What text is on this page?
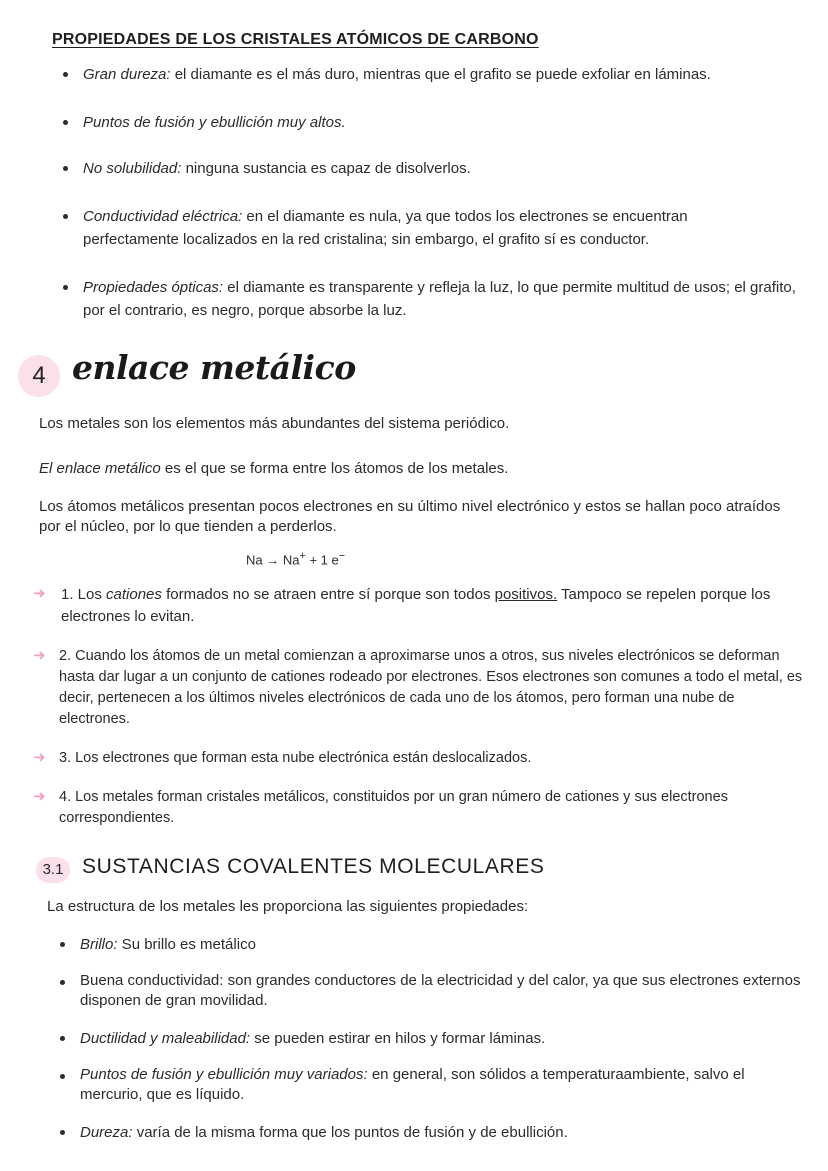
PROPIEDADES DE LOS CRISTALES ATÓMICOS DE CARBONO
Gran dureza: el diamante es el más duro, mientras que el grafito se puede exfoliar en láminas.
Puntos de fusión y ebullición muy altos.
No solubilidad: ninguna sustancia es capaz de disolverlos.
Conductividad eléctrica: en el diamante es nula, ya que todos los electrones se encuentran perfectamente localizados en la red cristalina; sin embargo, el grafito sí es conductor.
Propiedades ópticas: el diamante es transparente y refleja la luz, lo que permite multitud de usos; el grafito, por el contrario, es negro, porque absorbe la luz.
4 enlace metálico
Los metales son los elementos más abundantes del sistema periódico.
El enlace metálico es el que se forma entre los átomos de los metales.
Los átomos metálicos presentan pocos electrones en su último nivel electrónico y estos se hallan poco atraídos por el núcleo, por lo que tienden a perderlos.
Na → Na+ + 1 e−
➜ 1. Los cationes formados no se atraen entre sí porque son todos positivos. Tampoco se repelen porque los electrones lo evitan.
➜ 2. Cuando los átomos de un metal comienzan a aproximarse unos a otros, sus niveles electrónicos se deforman hasta dar lugar a un conjunto de cationes rodeado por electrones. Esos electrones son comunes a todo el metal, es decir, pertenecen a los últimos niveles electrónicos de cada uno de los átomos, pero forman una nube de electrones.
➜ 3. Los electrones que forman esta nube electrónica están deslocalizados.
➜ 4. Los metales forman cristales metálicos, constituidos por un gran número de cationes y sus electrones correspondientes.
3.1 SUSTANCIAS COVALENTES MOLECULARES
La estructura de los metales les proporciona las siguientes propiedades:
Brillo: Su brillo es metálico
Buena conductividad: son grandes conductores de la electricidad y del calor, ya que sus electrones externos disponen de gran movilidad.
Ductilidad y maleabilidad: se pueden estirar en hilos y formar láminas.
Puntos de fusión y ebullición muy variados: en general, son sólidos a temperaturaambiente, salvo el mercurio, que es líquido.
Dureza: varía de la misma forma que los puntos de fusión y de ebullición.
